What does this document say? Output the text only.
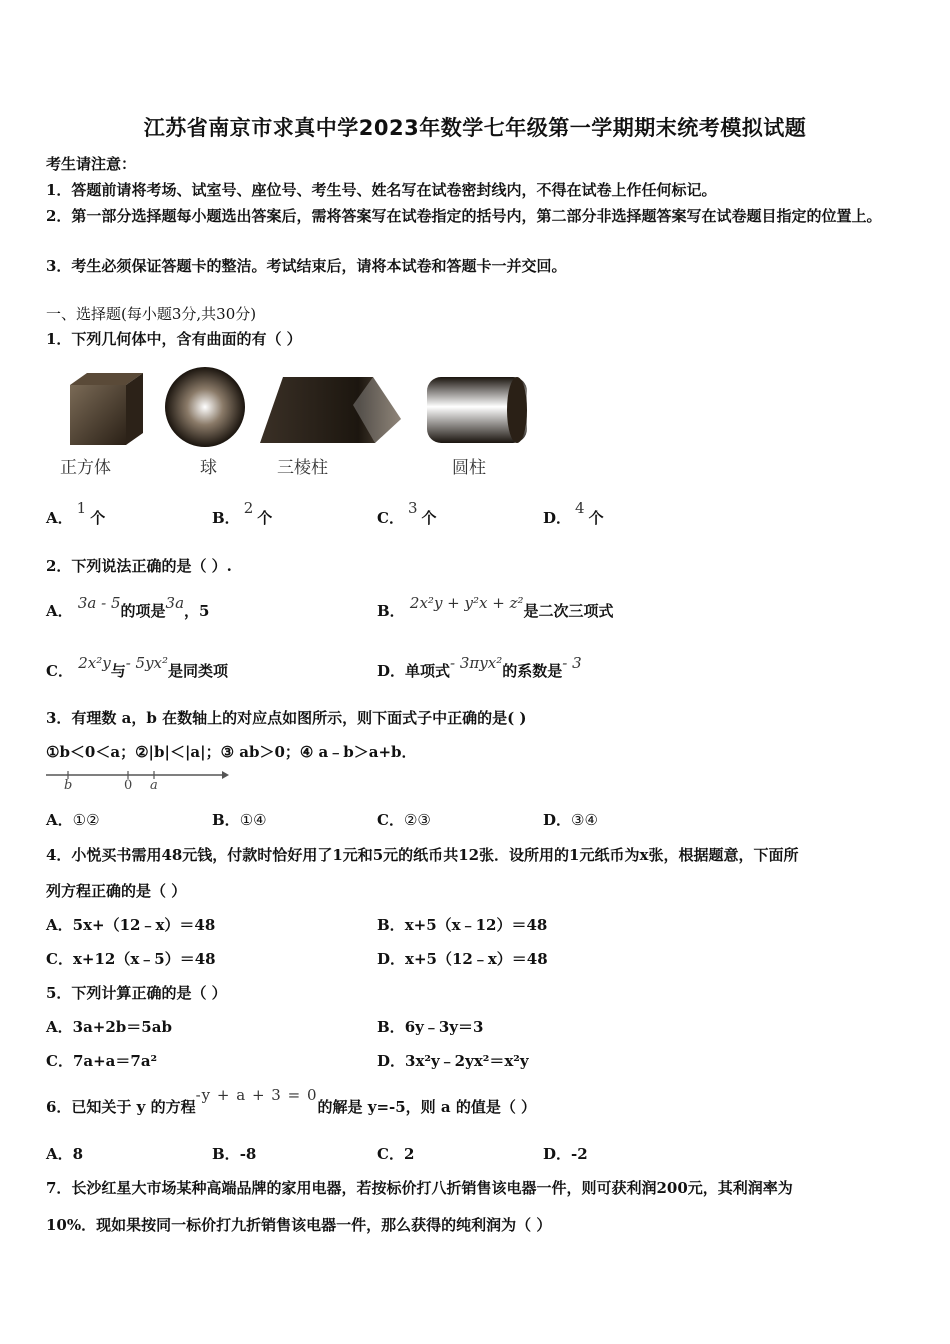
江苏省南京市求真中学2023年数学七年级第一学期期末统考模拟试题
考生请注意：
1．答题前请将考场、试室号、座位号、考生号、姓名写在试卷密封线内，不得在试卷上作任何标记。
2．第一部分选择题每小题选出答案后，需将答案写在试卷指定的括号内，第二部分非选择题答案写在试卷题目指定的位置上。
3．考生必须保证答题卡的整洁。考试结束后，请将本试卷和答题卡一并交回。
一、选择题(每小题3分,共30分)
1．下列几何体中，含有曲面的有（ ）
正方体	球	三棱柱	圆柱
A．1个	B．2个	C．3个	D．4个
2．下列说法正确的是（ ）.
A． 3a - 5的项是3a，5	B． 2x²y + y²x + z²是二次三项式
C． 2x²y与- 5yx²是同类项	D．单项式- 3πyx²的系数是- 3
3．有理数 a，b 在数轴上的对应点如图所示，则下面式子中正确的是( )
①b＜0＜a；②|b|＜|a|；③ ab＞0；④ a﹣b＞a+b．
b	0 a
A．①②	B．①④	C．②③	D．③④
4．小悦买书需用48元钱，付款时恰好用了1元和5元的纸币共12张．设所用的1元纸币为x张，根据题意，下面所
列方程正确的是（ ）
A．5x+（12﹣x）＝48	B．x+5（x﹣12）＝48
C．x+12（x﹣5）＝48	D．x+5（12﹣x）＝48
5．下列计算正确的是（ ）
A．3a+2b＝5ab	B．6y﹣3y＝3
C．7a+a＝7a²	D．3x²y﹣2yx²＝x²y
6．已知关于 y 的方程-y + a + 3 = 0的解是 y=-5，则 a 的值是（ ）
A．8	B．-8	C．2	D．-2
7．长沙红星大市场某种高端品牌的家用电器，若按标价打八折销售该电器一件，则可获利润200元，其利润率为
10%．现如果按同一标价打九折销售该电器一件，那么获得的纯利润为（ ）
